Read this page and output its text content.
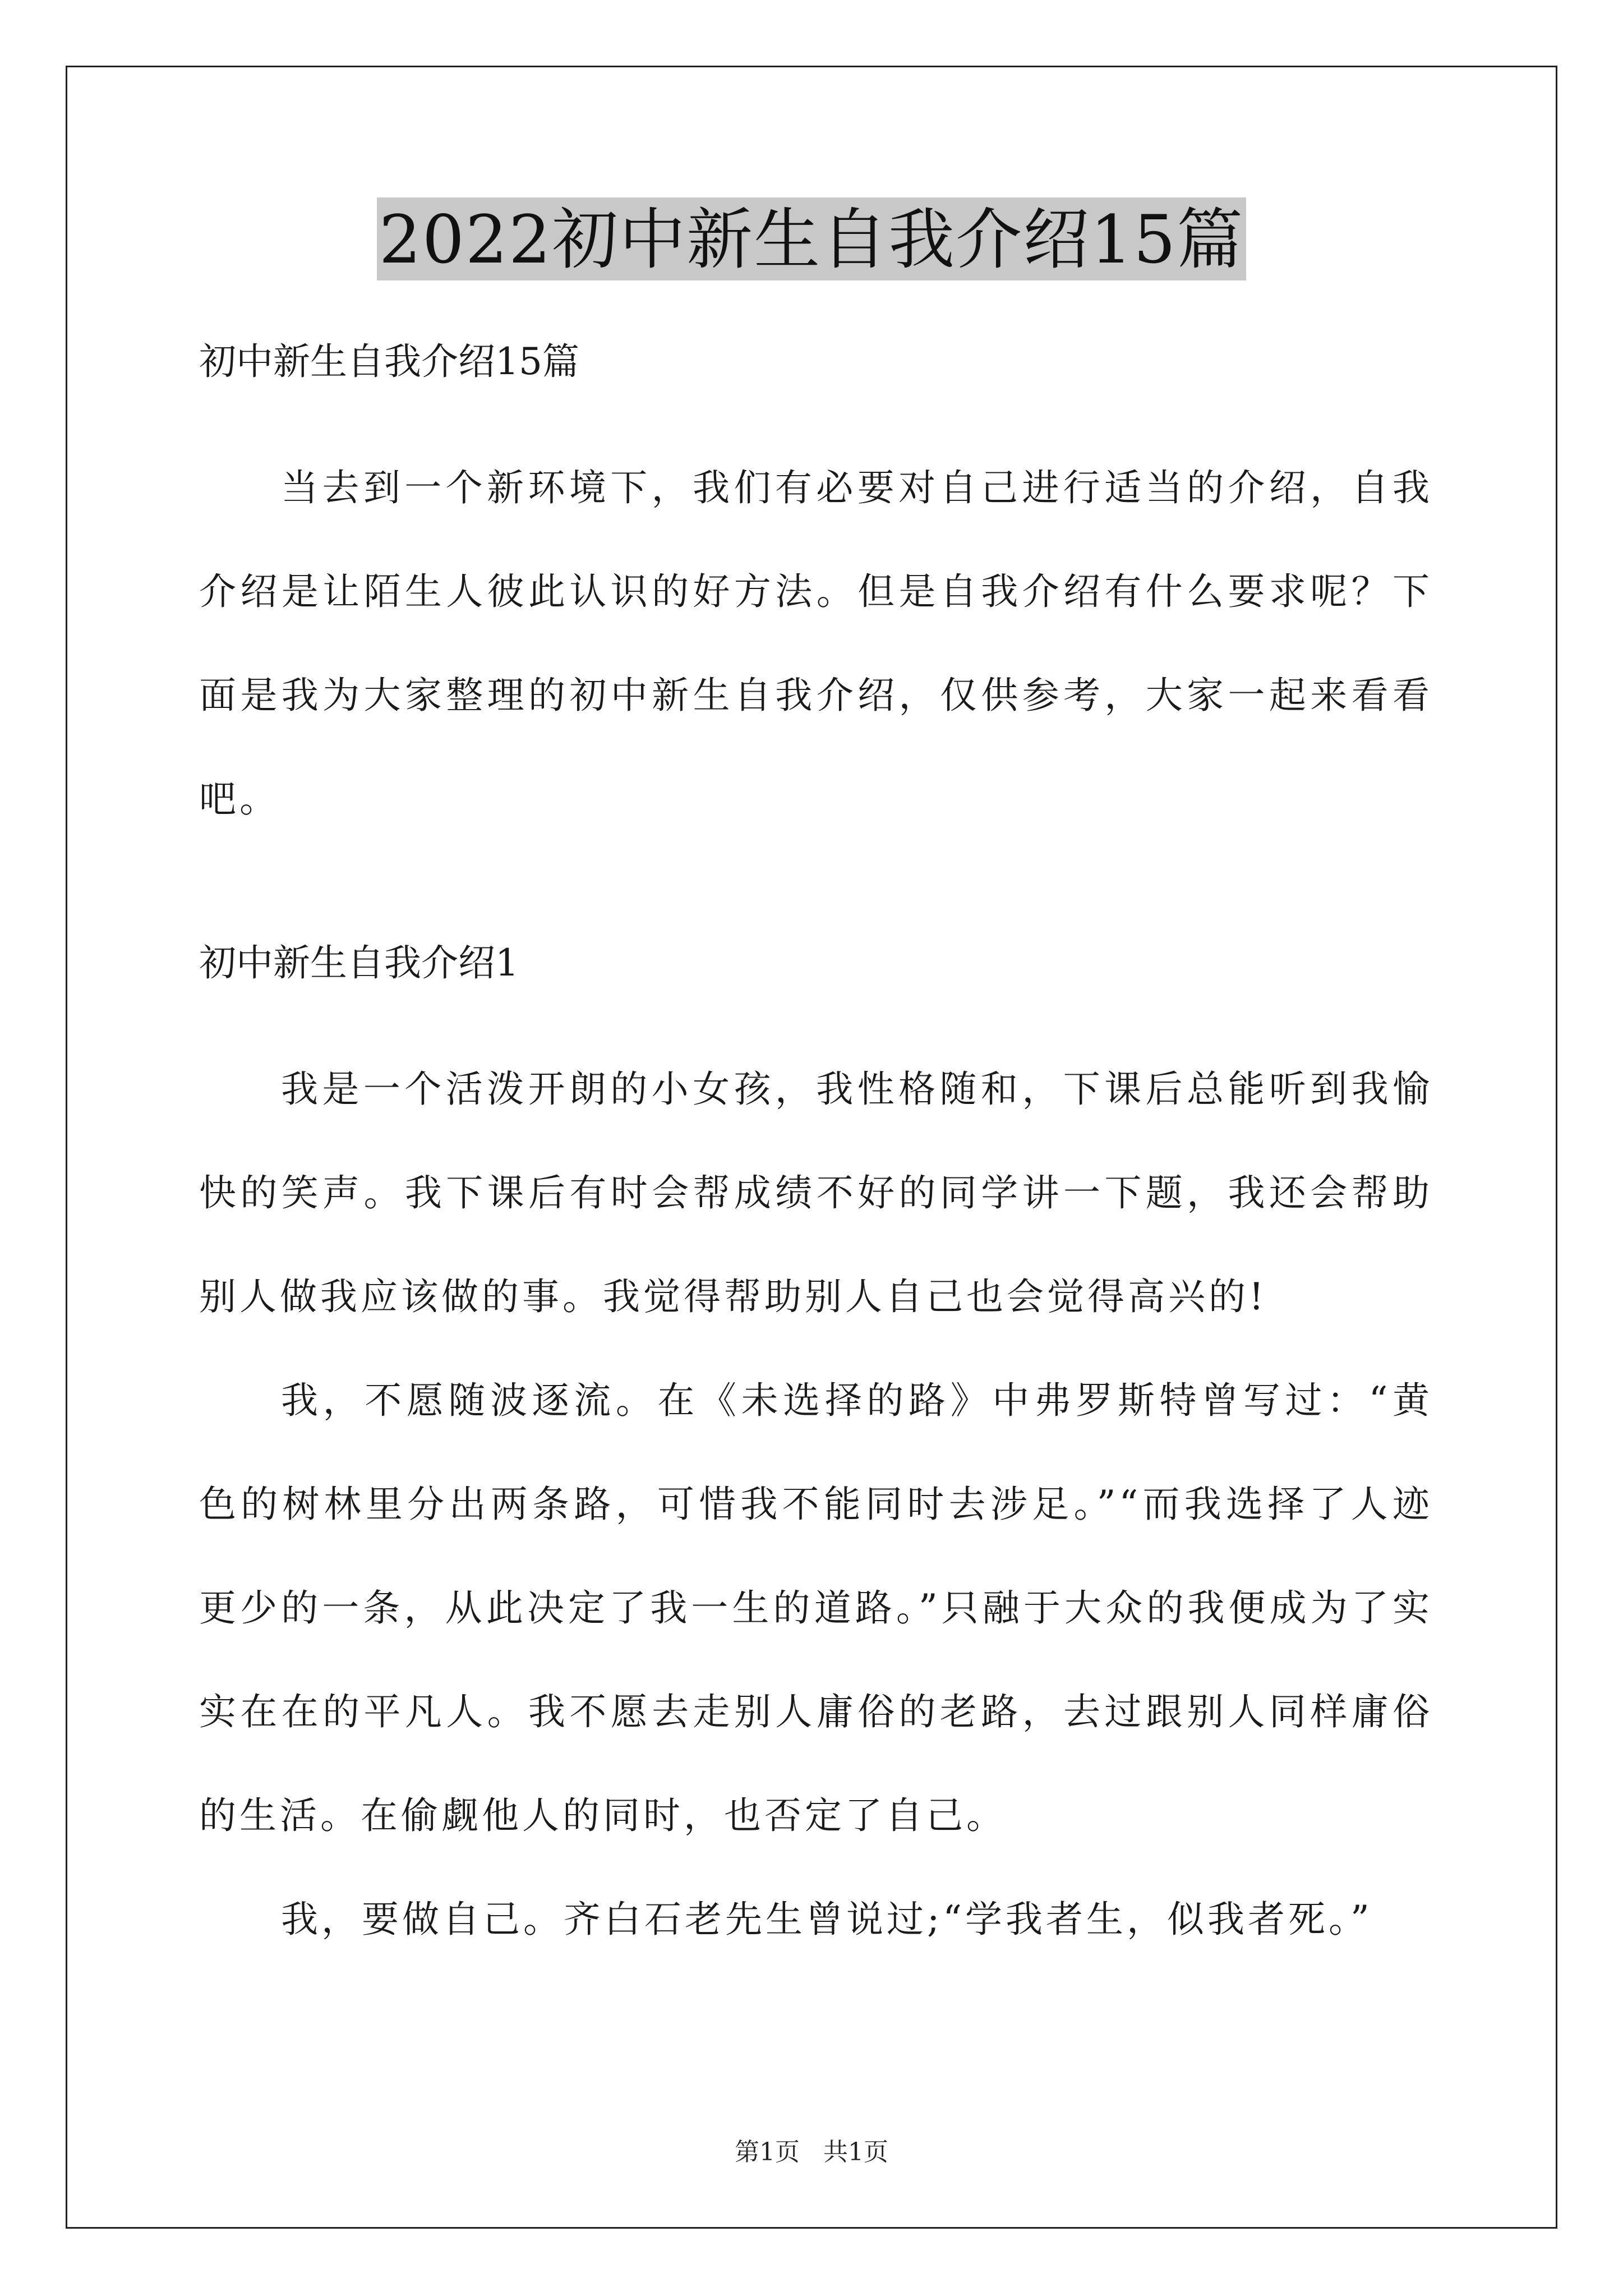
2022初中新生自我介绍15篇

初中新生自我介绍15篇

当去到一个新环境下，我们有必要对自己进行适当的介绍，自我介绍是让陌生人彼此认识的好方法。但是自我介绍有什么要求呢？下面是我为大家整理的初中新生自我介绍，仅供参考，大家一起来看看吧。

初中新生自我介绍1

我是一个活泼开朗的小女孩，我性格随和，下课后总能听到我愉快的笑声。我下课后有时会帮成绩不好的同学讲一下题，我还会帮助别人做我应该做的事。我觉得帮助别人自己也会觉得高兴的!

我，不愿随波逐流。在《未选择的路》中弗罗斯特曾写过：“黄色的树林里分出两条路，可惜我不能同时去涉足。”“而我选择了人迹更少的一条，从此决定了我一生的道路。”只融于大众的我便成为了实实在在的平凡人。我不愿去走别人庸俗的老路，去过跟别人同样庸俗的生活。在偷觑他人的同时，也否定了自己。

我，要做自己。齐白石老先生曾说过;“学我者生，似我者死。”

第1页   共1页
